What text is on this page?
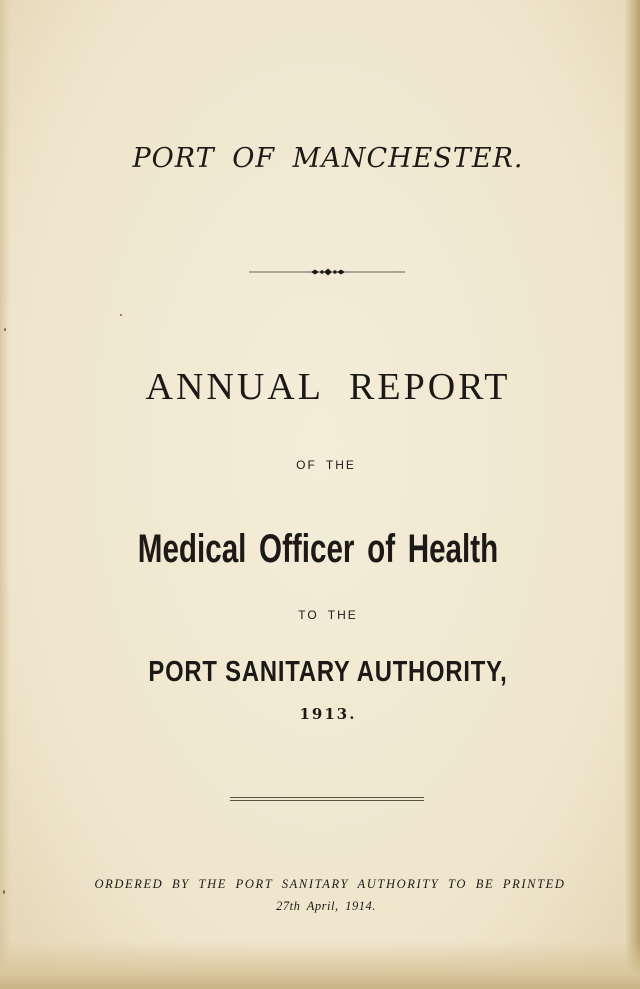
PORT OF MANCHESTER.
ANNUAL REPORT
OF THE
Medical Officer of Health
TO THE
PORT SANITARY AUTHORITY,
1913.
ORDERED BY THE PORT SANITARY AUTHORITY TO BE PRINTED
27th April, 1914.
